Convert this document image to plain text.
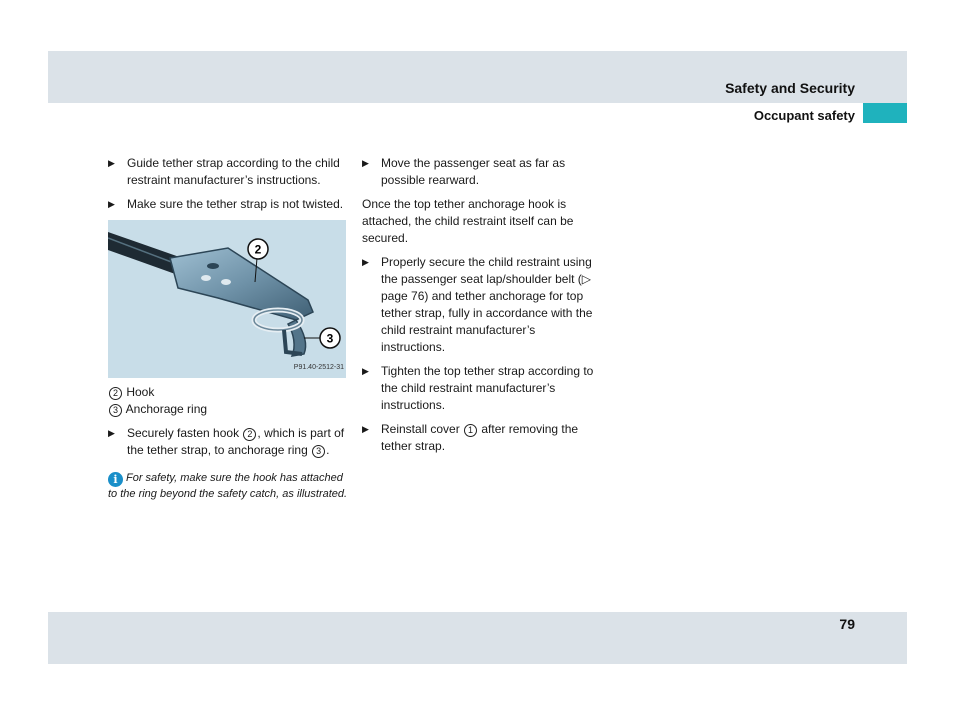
Safety and Security
Occupant safety
▶ Guide tether strap according to the child restraint manufacturer’s instructions.
▶ Make sure the tether strap is not twisted.
2
3
P91.40-2512-31

2 Hook

3 Anchorage ring

▶ Securely fasten hook 2 , which is part of the tether strap, to anchorage ring 3 .
i For safety, make sure the hook has attached to the ring beyond the safety catch, as illustrated.
▶ Move the passenger seat as far as possible rearward.

Once the top tether anchorage hook is attached, the child restraint itself can be secured.

▶ Properly secure the child restraint using the passenger seat lap/shoulder belt (▷ page 76) and tether anchorage for top tether strap, fully in accordance with the child restraint manufacturer’s instructions.
▶ Tighten the top tether strap according to the child restraint manufacturer’s instructions.
▶ Reinstall cover 1 after removing the tether strap.
79
